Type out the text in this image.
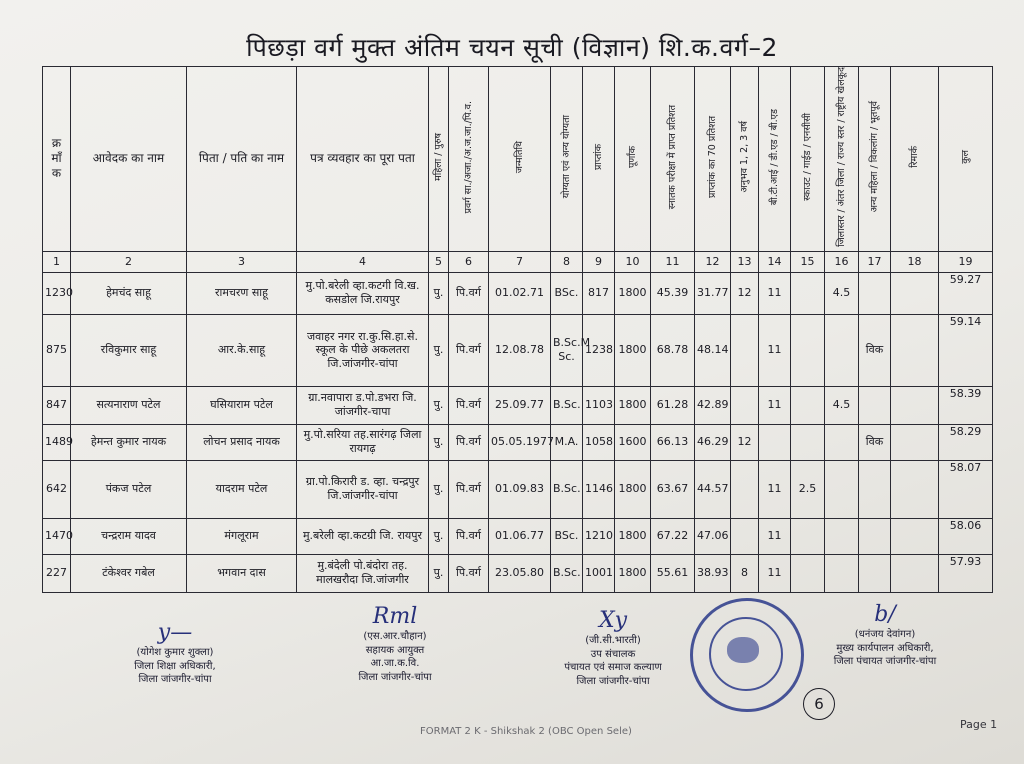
पिछड़ा वर्ग मुक्त अंतिम चयन सूची (विज्ञान) शि.क.वर्ग–2
क्र माँ क	आवेदक का नाम	पिता / पति का नाम	पत्र व्यवहार का पूरा पता	महिला / पुरुष	प्रवर्ग सा./अजा./अ.ज.जा./पि.व.	जन्मतिथि	योग्यता एवं अन्य योग्यता	प्राप्तांक	पूर्णांक	स्नातक परीक्षा में प्राप्त प्रतिशत	प्राप्तांक का 70 प्रतिशत	अनुभव 1, 2, 3 वर्ष	बी.टी.आई / डी.एड / बी.एड	स्काउट / गाईड / एनसीसी	जिलास्तर / अंतर जिला / राज्य स्तर / राष्ट्रीय खेलकूद	अन्य महिला / विकलांग / भूतपूर्व	रिमार्क	कुल
1	2	3	4	5	6	7	8	9	10	11	12	13	14	15	16	17	18	19
1230	हेमचंद साहू	रामचरण साहू	मु.पो.बरेली व्हा.कटगी वि.ख. कसडोल जि.रायपुर	पु.	पि.वर्ग	01.02.71	BSc.	817	1800	45.39	31.77	12	11		4.5			59.27
875	रविकुमार साहू	आर.के.साहू	जवाहर नगर रा.कु.सि.हा.से. स्कूल के पीछे अकलतरा जि.जांजगीर-चांपा	पु.	पि.वर्ग	12.08.78	B.Sc.M Sc.	1238	1800	68.78	48.14		11			विक		59.14
847	सत्यनाराण पटेल	घसियाराम पटेल	ग्रा.नवापारा ड.पो.डभरा जि. जांजगीर-चापा	पु.	पि.वर्ग	25.09.77	B.Sc.	1103	1800	61.28	42.89		11		4.5			58.39
1489	हेमन्त कुमार नायक	लोचन प्रसाद नायक	मु.पो.सरिया तह.सारंगढ़ जिला रायगढ़	पु.	पि.वर्ग	05.05.1977	M.A.	1058	1600	66.13	46.29	12				विक		58.29
642	पंकज पटेल	यादराम पटेल	ग्रा.पो.किरारी ड. व्हा. चन्द्रपुर जि.जांजगीर-चांपा	पु.	पि.वर्ग	01.09.83	B.Sc.	1146	1800	63.67	44.57		11	2.5				58.07
1470	चन्द्रराम यादव	मंगलूराम	मु.बरेली व्हा.कटग्री जि. रायपुर	पु.	पि.वर्ग	01.06.77	BSc.	1210	1800	67.22	47.06		11					58.06
227	टंकेश्वर गबेल	भगवान दास	मु.बंदेली पो.बंदोरा तह. मालखरौदा जि.जांजगीर	पु.	पि.वर्ग	23.05.80	B.Sc.	1001	1800	55.61	38.93	8	11					57.93
y—
(योगेश कुमार शुक्ला)
जिला शिक्षा अधिकारी,
जिला जांजगीर-चांपा
Rml
(एस.आर.चौहान)
सहायक आयुक्त
आ.जा.क.वि.
जिला जांजगीर-चांपा
Xy
(जी.सी.भारती)
उप संचालक
पंचायत एवं समाज कल्याण
जिला जांजगीर-चांपा
b/
(धनंजय देवांगन)
मुख्य कार्यपालन अधिकारी,
जिला पंचायत जांजगीर-चांपा
6
FORMAT 2 K - Shikshak 2 (OBC Open Sele)
Page 1
